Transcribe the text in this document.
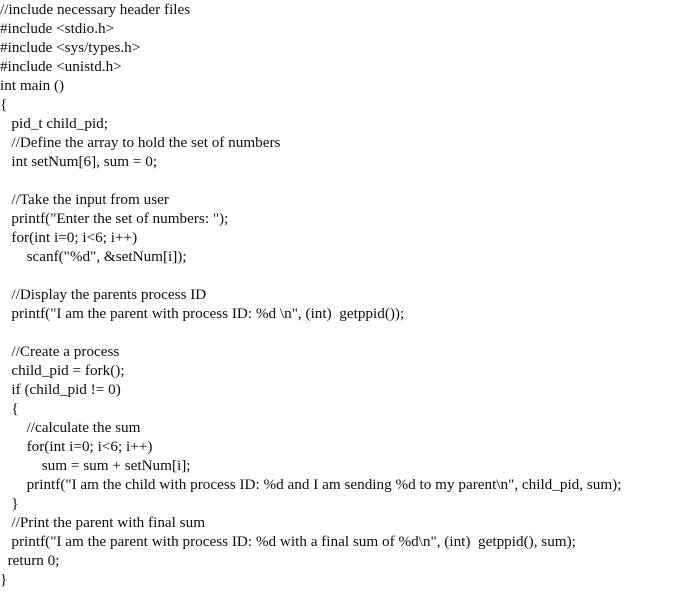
//include necessary header files

#include <stdio.h>

#include <sys/types.h>

#include <unistd.h>

int main ()

{

pid_t child_pid;

//Define the array to hold the set of numbers

int setNum[6], sum = 0;

//Take the input from user

printf("Enter the set of numbers: ");

for(int i=0; i<6; i++)

scanf("%d", &setNum[i]);

//Display the parents process ID

printf("I am the parent with process ID: %d \n", (int)  getppid());

//Create a process

child_pid = fork();

if (child_pid != 0)

{

//calculate the sum

for(int i=0; i<6; i++)

sum = sum + setNum[i];

printf("I am the child with process ID: %d and I am sending %d to my parent\n", child_pid, sum);

}

//Print the parent with final sum

printf("I am the parent with process ID: %d with a final sum of %d\n", (int)  getppid(), sum);

return 0;

}
